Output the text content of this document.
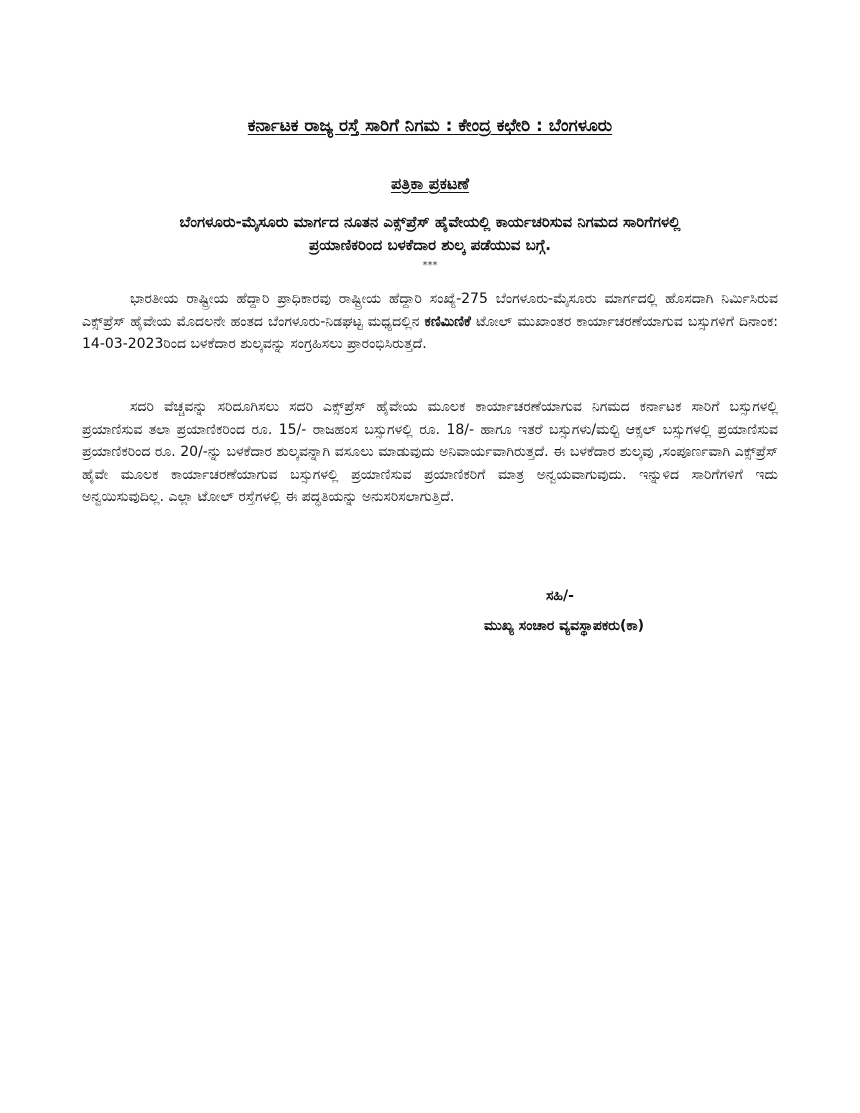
ಕರ್ನಾಟಕ ರಾಜ್ಯ ರಸ್ತೆ ಸಾರಿಗೆ ನಿಗಮ : ಕೇಂದ್ರ ಕಛೇರಿ : ಬೆಂಗಳೂರು
ಪತ್ರಿಕಾ ಪ್ರಕಟಣೆ
ಬೆಂಗಳೂರು-ಮೈಸೂರು ಮಾರ್ಗದ ನೂತನ ಎಕ್ಸ್‌ಪ್ರೆಸ್ ಹೈವೇಯಲ್ಲಿ ಕಾರ್ಯಚರಿಸುವ ನಿಗಮದ ಸಾರಿಗೆಗಳಲ್ಲಿ
ಪ್ರಯಾಣಿಕರಿಂದ ಬಳಕೆದಾರ ಶುಲ್ಕ ಪಡೆಯುವ ಬಗ್ಗೆ.
***
ಭಾರತೀಯ ರಾಷ್ಟ್ರೀಯ ಹೆದ್ದಾರಿ ಪ್ರಾಧಿಕಾರವು ರಾಷ್ಟ್ರೀಯ ಹೆದ್ದಾರಿ ಸಂಖ್ಯೆ-275 ಬೆಂಗಳೂರು-ಮೈಸೂರು ಮಾರ್ಗದಲ್ಲಿ ಹೊಸದಾಗಿ ನಿರ್ಮಿಸಿರುವ ಎಕ್ಸ್‌ಪ್ರೆಸ್ ಹೈವೇಯ ಮೊದಲನೇ ಹಂತದ ಬೆಂಗಳೂರು-ನಿಡಘಟ್ಟ ಮಧ್ಯದಲ್ಲಿನ ಕಣಿಮಿಣಿಕೆ ಟೋಲ್ ಮುಖಾಂತರ ಕಾರ್ಯಾಚರಣೆಯಾಗುವ ಬಸ್ಸುಗಳಿಗೆ ದಿನಾಂಕ: 14-03-2023ರಿಂದ ಬಳಕೆದಾರ ಶುಲ್ಕವನ್ನು ಸಂಗ್ರಹಿಸಲು ಪ್ರಾರಂಭಿಸಿರುತ್ತದೆ.
ಸದರಿ ವೆಚ್ಚವನ್ನು ಸರಿದೂಗಿಸಲು ಸದರಿ ಎಕ್ಸ್‌ಪ್ರೆಸ್ ಹೈವೇಯ ಮೂಲಕ ಕಾರ್ಯಾಚರಣೆಯಾಗುವ ನಿಗಮದ ಕರ್ನಾಟಕ ಸಾರಿಗೆ ಬಸ್ಸುಗಳಲ್ಲಿ ಪ್ರಯಾಣಿಸುವ ತಲಾ ಪ್ರಯಾಣಿಕರಿಂದ ರೂ. 15/- ರಾಜಹಂಸ ಬಸ್ಸುಗಳಲ್ಲಿ ರೂ. 18/- ಹಾಗೂ ಇತರೆ ಬಸ್ಸುಗಳು/ಮಲ್ಟಿ ಆಕ್ಸಲ್ ಬಸ್ಸುಗಳಲ್ಲಿ ಪ್ರಯಾಣಿಸುವ ಪ್ರಯಾಣಿಕರಿಂದ ರೂ. 20/-ನ್ನು ಬಳಕೆದಾರ ಶುಲ್ಕವನ್ನಾಗಿ ವಸೂಲು ಮಾಡುವುದು ಅನಿವಾರ್ಯವಾಗಿರುತ್ತದೆ. ಈ ಬಳಕೆದಾರ ಶುಲ್ಕವು ,ಸಂಪೂರ್ಣವಾಗಿ ಎಕ್ಸ್‌ಪ್ರೆಸ್ ಹೈವೇ ಮೂಲಕ ಕಾರ್ಯಾಚರಣೆಯಾಗುವ ಬಸ್ಸುಗಳಲ್ಲಿ ಪ್ರಯಾಣಿಸುವ ಪ್ರಯಾಣಿಕರಿಗೆ ಮಾತ್ರ ಅನ್ವಯವಾಗುವುದು. ಇನ್ನುಳಿದ ಸಾರಿಗೆಗಳಿಗೆ ಇದು ಅನ್ವಯಿಸುವುದಿಲ್ಲ. ಎಲ್ಲಾ ಟೋಲ್ ರಸ್ತೆಗಳಲ್ಲಿ ಈ ಪದ್ಧತಿಯನ್ನು ಅನುಸರಿಸಲಾಗುತ್ತಿದೆ.
ಸಹಿ/-
ಮುಖ್ಯ ಸಂಚಾರ ವ್ಯವಸ್ಥಾಪಕರು(ಕಾ)
